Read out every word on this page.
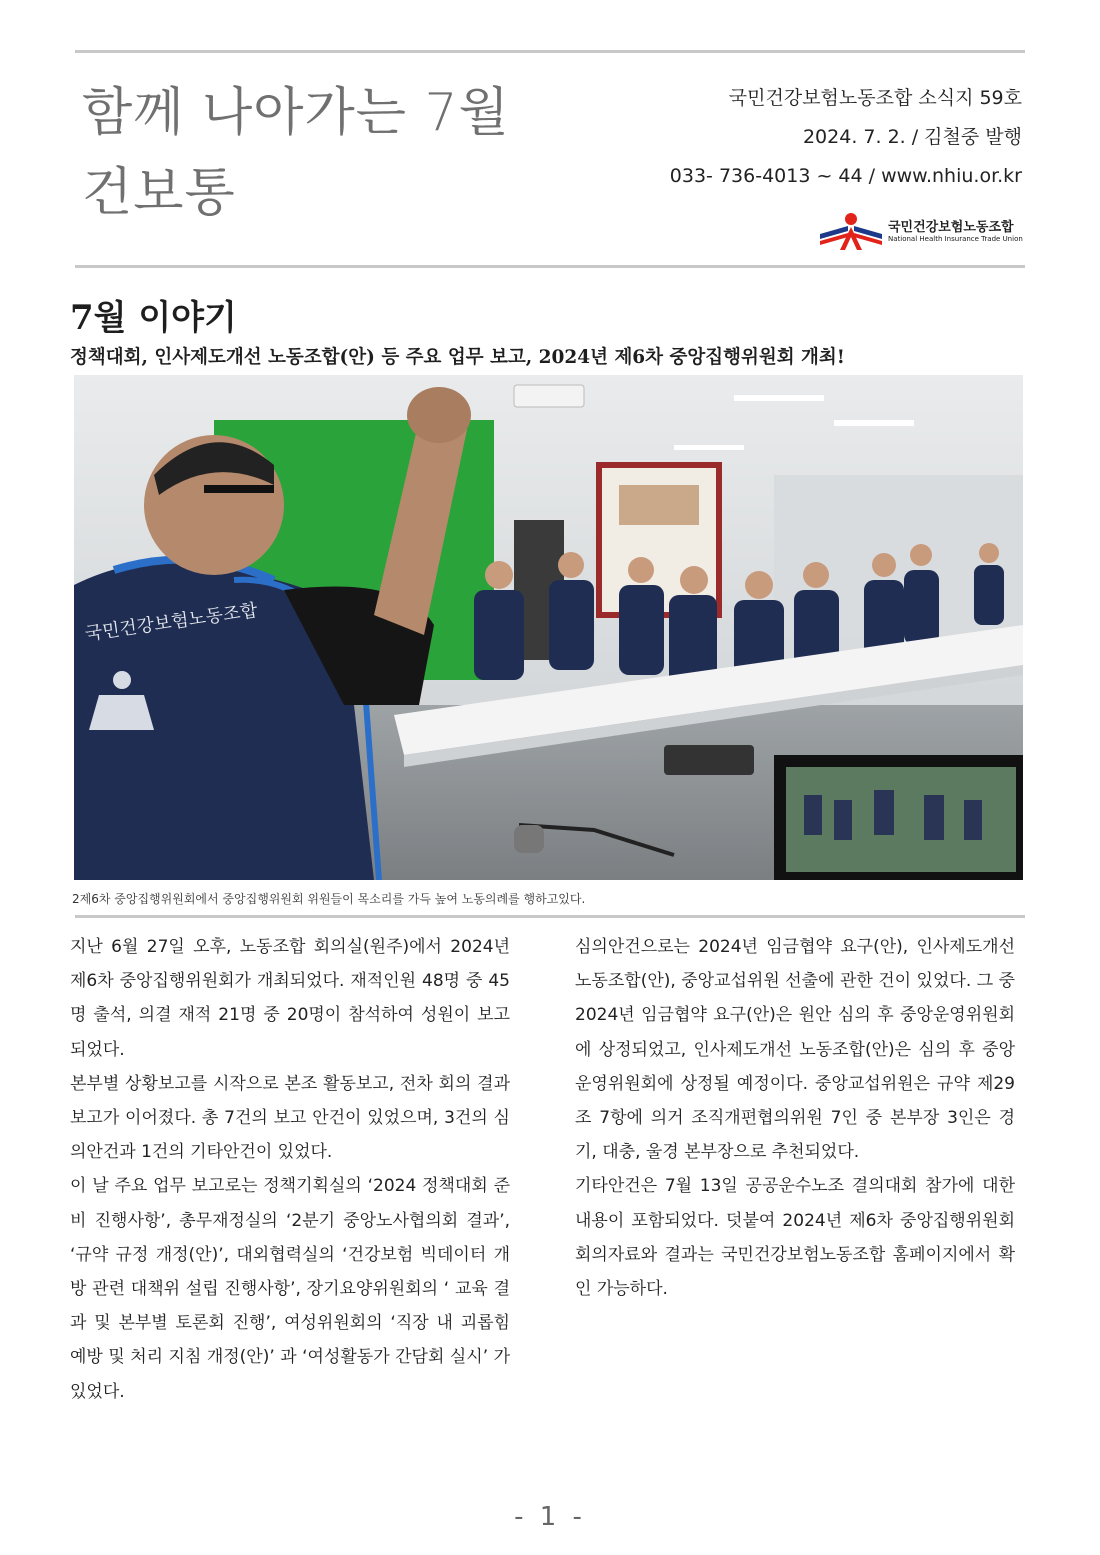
함께 나아가는 7월
건보통
국민건강보험노동조합 소식지 59호
2024. 7. 2. / 김철중 발행
033- 736-4013 ~ 44 / www.nhiu.or.kr
국민건강보험노동조합
National Health Insurance Trade Union
7월 이야기
정책대회, 인사제도개선 노동조합(안) 등 주요 업무 보고, 2024년 제6차 중앙집행위원회 개최!
국민건강보험노동조합
2제6차 중앙집행위원회에서 중앙집행위원회 위원들이 목소리를 가득 높여 노동의례를 행하고있다.

지난 6월 27일 오후, 노동조합 회의실(원주)에서 2024년 제6차 중앙집행위원회가 개최되었다. 재적인원 48명 중 45명 출석, 의결 재적 21명 중 20명이 참석하여 성원이 보고되었다.

본부별 상황보고를 시작으로 본조 활동보고, 전차 회의 결과보고가 이어졌다. 총 7건의 보고 안건이 있었으며, 3건의 심의안건과 1건의 기타안건이 있었다.

이 날 주요 업무 보고로는 정책기획실의 ‘2024 정책대회 준비 진행사항’, 총무재정실의 ‘2분기 중앙노사협의회 결과’, ‘규약 규정 개정(안)’, 대외협력실의 ‘건강보험 빅데이터 개방 관련 대책위 설립 진행사항’, 장기요양위원회의 ‘ 교육 결과 및 본부별 토론회 진행’, 여성위원회의 ‘직장 내 괴롭힘 예방 및 처리 지침 개정(안)’ 과 ‘여성활동가 간담회 실시’ 가 있었다.

심의안건으로는 2024년 임금협약 요구(안), 인사제도개선 노동조합(안), 중앙교섭위원 선출에 관한 건이 있었다. 그 중 2024년 임금협약 요구(안)은 원안 심의 후 중앙운영위원회에 상정되었고, 인사제도개선 노동조합(안)은 심의 후 중앙운영위원회에 상정될 예정이다. 중앙교섭위원은 규약 제29조 7항에 의거 조직개편협의위원 7인 중 본부장 3인은 경기, 대충, 울경 본부장으로 추천되었다.

기타안건은 7월 13일 공공운수노조 결의대회 참가에 대한 내용이 포함되었다. 덧붙여 2024년 제6차 중앙집행위원회 회의자료와 결과는 국민건강보험노동조합 홈페이지에서 확인 가능하다.

- 1 -
